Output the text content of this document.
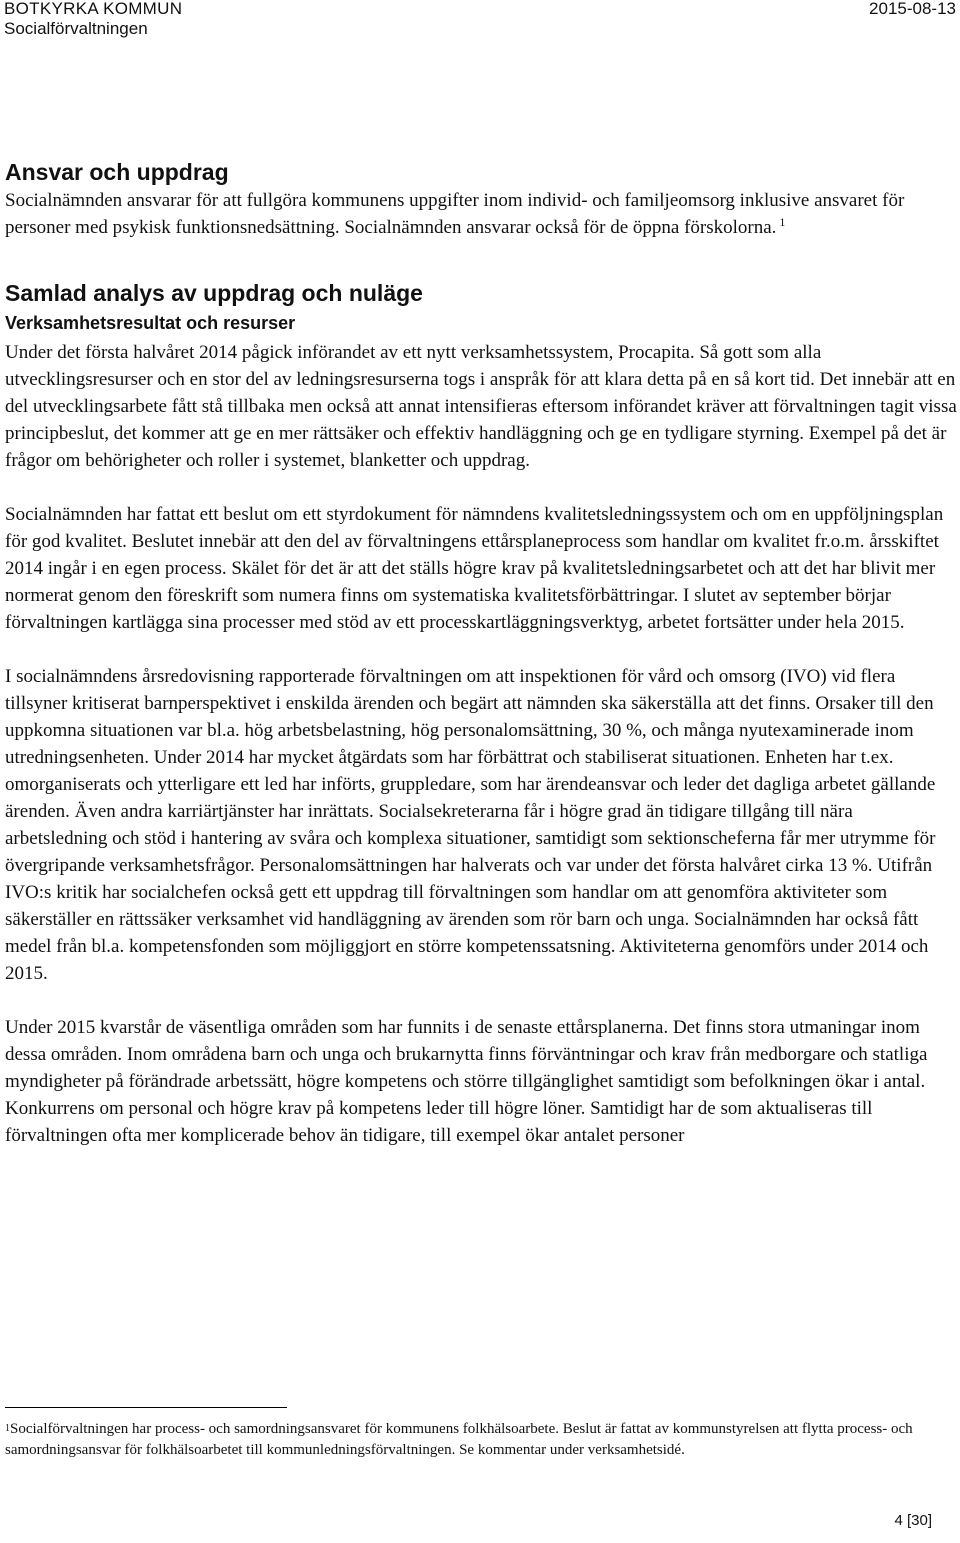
BOTKYRKA KOMMUN
Socialförvaltningen
2015-08-13
Ansvar och uppdrag

Socialnämnden ansvarar för att fullgöra kommunens uppgifter inom individ- och familjeomsorg inklusive ansvaret för personer med psykisk funktionsnedsättning. Socialnämnden ansvarar också för de öppna förskolorna. $^1$

Samlad analys av uppdrag och nuläge
Verksamhetsresultat och resurser

Under det första halvåret 2014 pågick införandet av ett nytt verksamhetssystem, Procapita. Så gott som alla utvecklingsresurser och en stor del av ledningsresurserna togs i anspråk för att klara detta på en så kort tid. Det innebär att en del utvecklingsarbete fått stå tillbaka men också att annat intensifieras eftersom införandet kräver att förvaltningen tagit vissa principbeslut, det kommer att ge en mer rättsäker och effektiv handläggning och ge en tydligare styrning. Exempel på det är frågor om behörigheter och roller i systemet, blanketter och uppdrag.

Socialnämnden har fattat ett beslut om ett styrdokument för nämndens kvalitetsledningssystem och om en uppföljningsplan för god kvalitet. Beslutet innebär att den del av förvaltningens ettårsplaneprocess som handlar om kvalitet fr.o.m. årsskiftet 2014 ingår i en egen process. Skälet för det är att det ställs högre krav på kvalitetsledningsarbetet och att det har blivit mer normerat genom den föreskrift som numera finns om systematiska kvalitetsförbättringar. I slutet av september börjar förvaltningen kartlägga sina processer med stöd av ett processkartläggningsverktyg, arbetet fortsätter under hela 2015.

I socialnämndens årsredovisning rapporterade förvaltningen om att inspektionen för vård och omsorg (IVO) vid flera tillsyner kritiserat barnperspektivet i enskilda ärenden och begärt att nämnden ska säkerställa att det finns. Orsaker till den uppkomna situationen var bl.a. hög arbetsbelastning, hög personalomsättning, 30 %, och många nyutexaminerade inom utredningsenheten. Under 2014 har mycket åtgärdats som har förbättrat och stabiliserat situationen. Enheten har t.ex. omorganiserats och ytterligare ett led har införts, gruppledare, som har ärendeansvar och leder det dagliga arbetet gällande ärenden. Även andra karriärtjänster har inrättats. Socialsekreterarna får i högre grad än tidigare tillgång till nära arbetsledning och stöd i hantering av svåra och komplexa situationer, samtidigt som sektionscheferna får mer utrymme för övergripande verksamhetsfrågor. Personalomsättningen har halverats och var under det första halvåret cirka 13 %. Utifrån IVO:s kritik har socialchefen också gett ett uppdrag till förvaltningen som handlar om att genomföra aktiviteter som säkerställer en rättssäker verksamhet vid handläggning av ärenden som rör barn och unga. Socialnämnden har också fått medel från bl.a. kompetensfonden som möjliggjort en större kompetenssatsning. Aktiviteterna genomförs under 2014 och 2015.

Under 2015 kvarstår de väsentliga områden som har funnits i de senaste ettårsplanerna. Det finns stora utmaningar inom dessa områden. Inom områdena barn och unga och brukarnytta finns förväntningar och krav från medborgare och statliga myndigheter på förändrade arbetssätt, högre kompetens och större tillgänglighet samtidigt som befolkningen ökar i antal. Konkurrens om personal och högre krav på kompetens leder till högre löner. Samtidigt har de som aktualiseras till förvaltningen ofta mer komplicerade behov än tidigare, till exempel ökar antalet personer

$^1$Socialförvaltningen har process- och samordningsansvaret för kommunens folkhälsoarbete. Beslut är fattat av kommunstyrelsen att flytta process- och samordningsansvar för folkhälsoarbetet till kommunledningsförvaltningen. Se kommentar under verksamhetsidé.
4 [30]
